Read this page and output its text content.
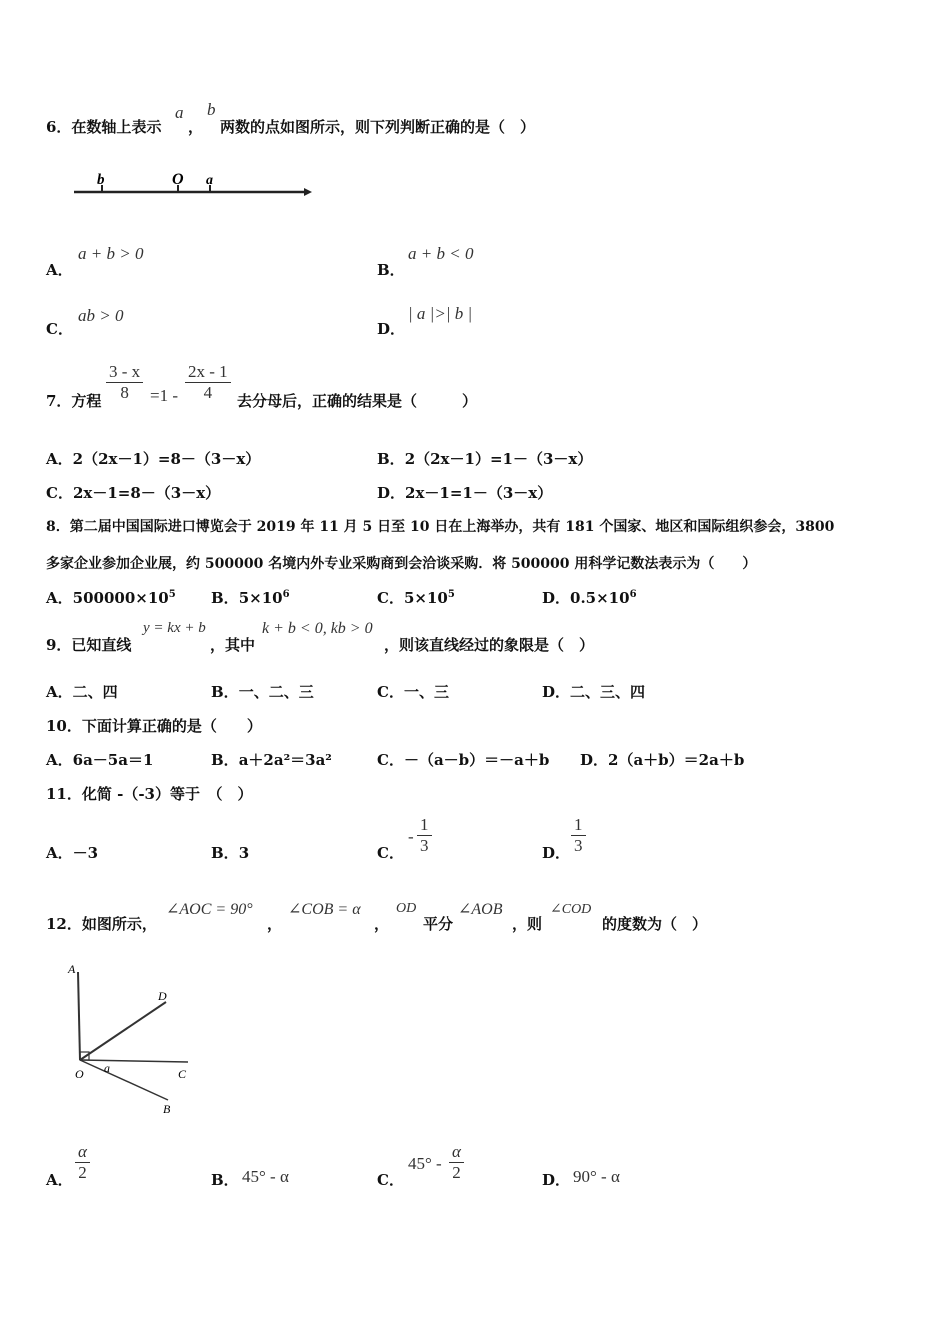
6．在数轴上表示
a
，
b
两数的点如图所示，则下列判断正确的是（　）
b	O a
A．
a + b > 0
B．
a + b < 0
C．
ab > 0
D．
| a |>| b |
7．方程 $\frac{3 - x}{8} =1 - \frac{2x - 1}{4}$ 去分母后，正确的结果是（　　　）
A．2（2x－1）=8－（3－x）	B．2（2x－1）=1－（3－x）
C．2x－1=8－（3－x）	D．2x－1=1－（3－x）
8．第二届中国国际进口博览会于 2019 年 11 月 5 日至 10 日在上海举办，共有 181 个国家、地区和国际组织参会，3800
多家企业参加企业展，约 500000 名境内外专业采购商到会洽谈采购．将 500000 用科学记数法表示为（　　）
A．$500000\times 10^5$ B．$5\times 10^6$	C．$5\times 10^5$	D．$0.5\times 10^6$
9．已知直线
y = kx + b
，其中
k + b < 0, kb > 0
，则该直线经过的象限是（　）
A．二、四	B．一、二、三	C．一、三	D．二、三、四
10．下面计算正确的是（　　）
A．6a－5a＝1	B．a＋2a²＝3a²	C．－（a－b）＝－a＋b D．2（a＋b）＝2a＋b
11．化简 -（-3）等于　（　）
A．－3	B．3	C．
- $\frac{1}{3}$	D． $\frac{1}{3}$
12．如图所示，
∠AOC = 90°
，
∠COB = α
，
OD
平分
∠AOB
，则
∠COD
的度数为（　）
A
D
O a	C
B
A． $\frac{\alpha}{2}$	B． 45° - α	C．
$45^\circ - \frac{\alpha}{2}$	D． 90° - α
